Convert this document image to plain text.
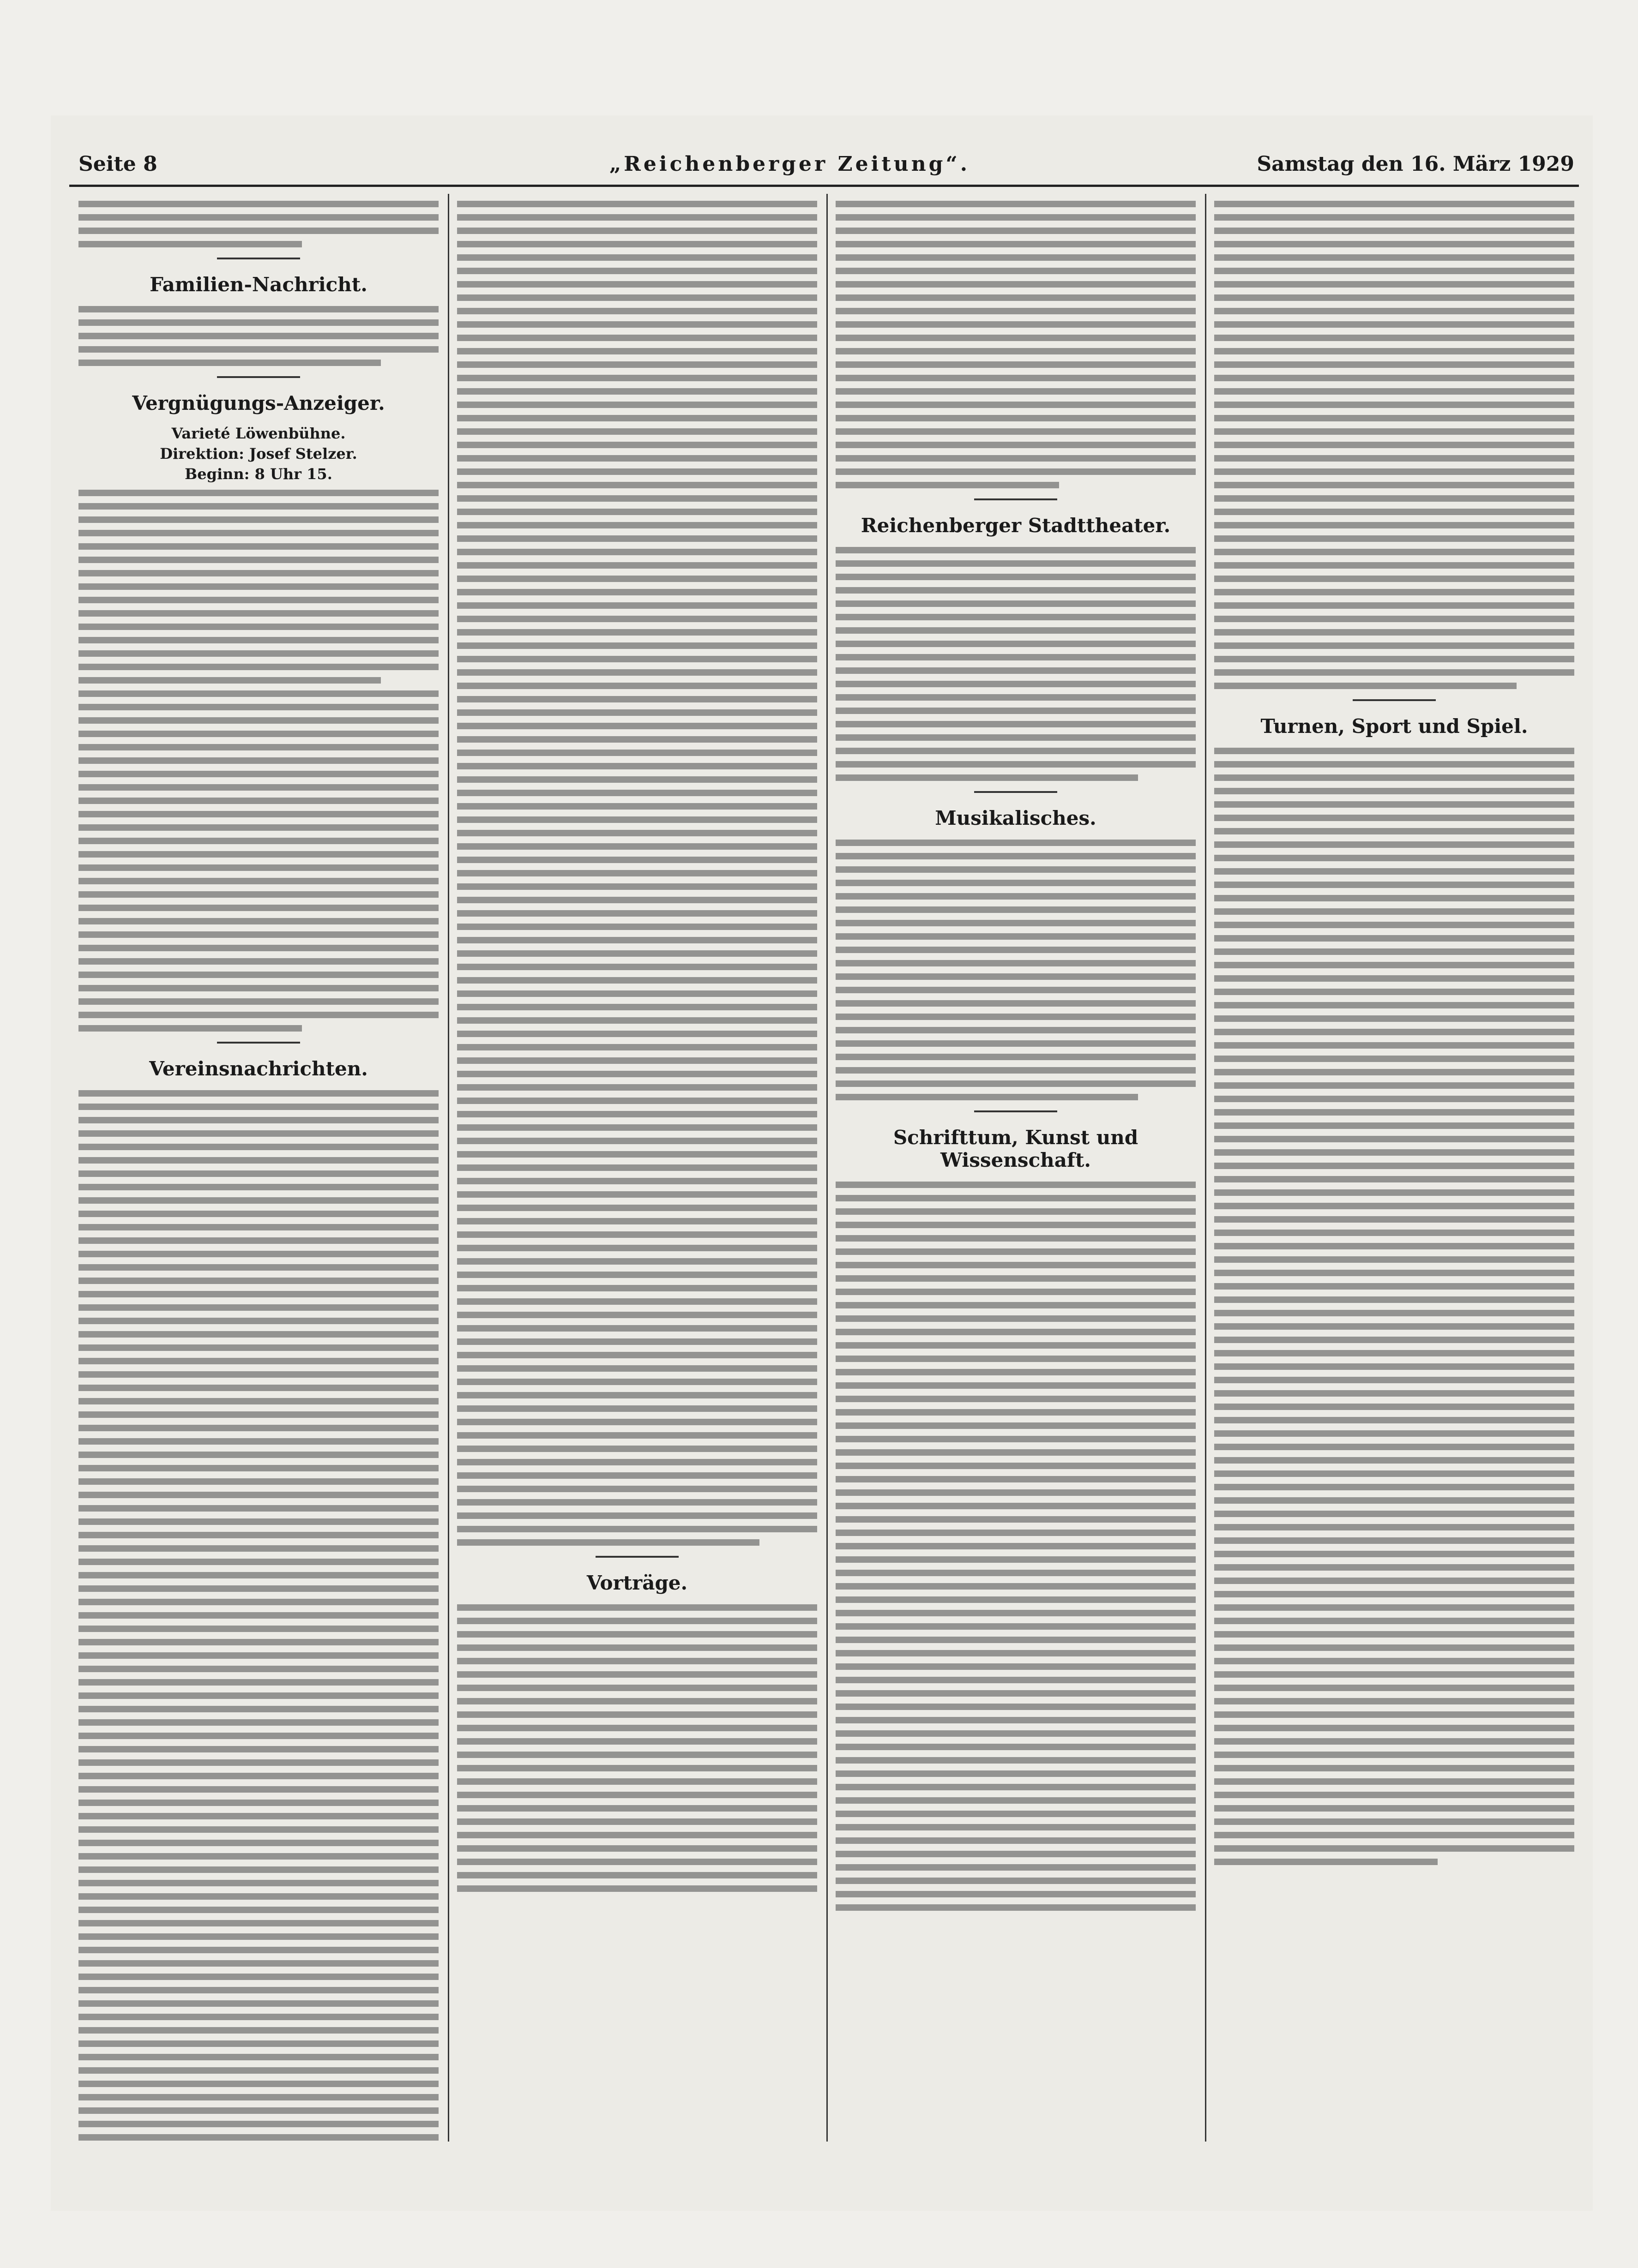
Seite 8	„Reichenberger Zeitung“.	Samstag den 16. März 1929
Familien-Nachricht.
Vergnügungs-Anzeiger.
Varieté Löwenbühne.
Direktion: Josef Stelzer.
Beginn: 8 Uhr 15.
Vereinsnachrichten.
Vorträge.
Reichenberger Stadttheater.
Musikalisches.
Schrifttum, Kunst und Wissenschaft.
Turnen, Sport und Spiel.
